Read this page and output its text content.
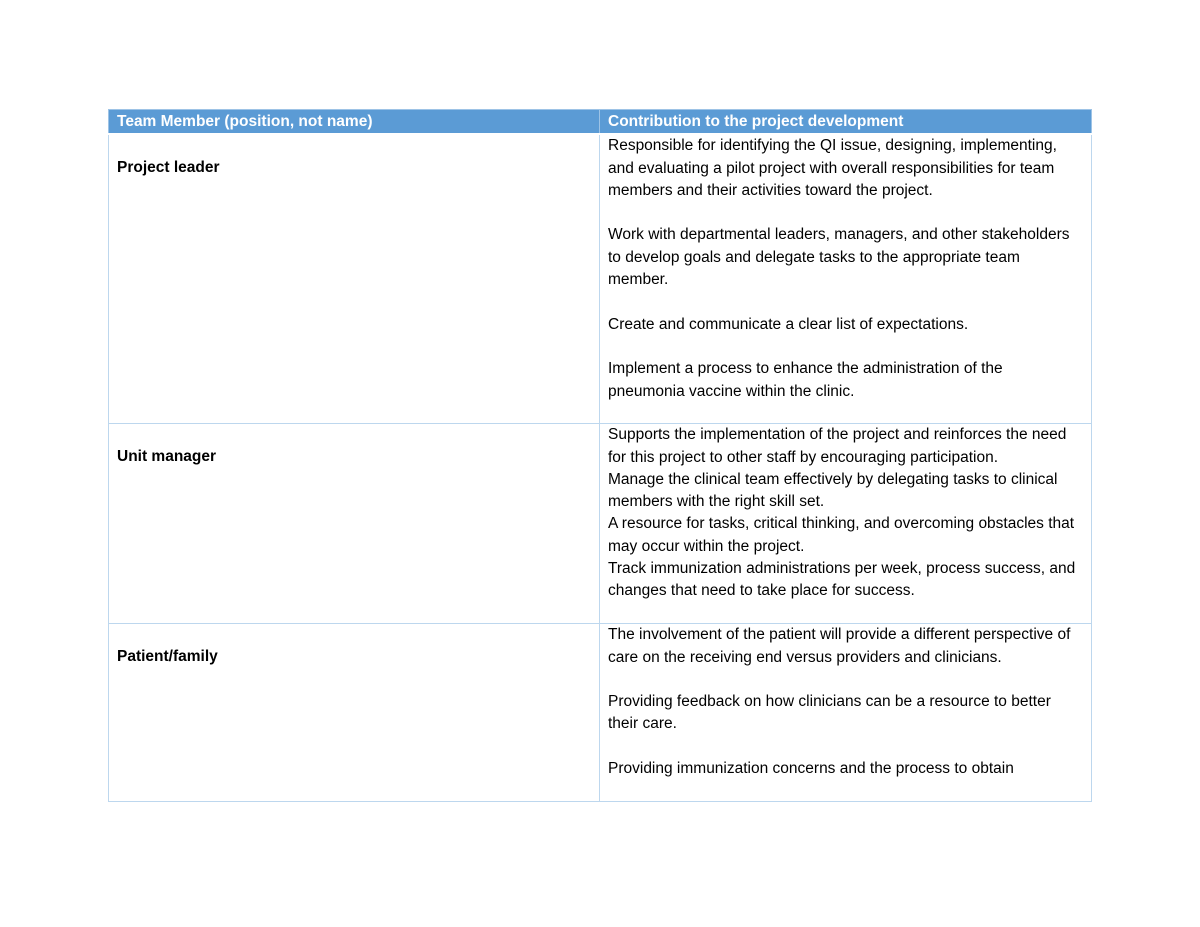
Team Member (position, not name)	Contribution to the project development

Project leader	Responsible for identifying the QI issue, designing, implementing, and evaluating a pilot project with overall responsibilities for team members and their activities toward the project.

Work with departmental leaders, managers, and other stakeholders to develop goals and delegate tasks to the appropriate team member.

Create and communicate a clear list of expectations.

Implement a process to enhance the administration of the pneumonia vaccine within the clinic.

Unit manager	Supports the implementation of the project and reinforces the need for this project to other staff by encouraging participation.

Manage the clinical team effectively by delegating tasks to clinical members with the right skill set.

A resource for tasks, critical thinking, and overcoming obstacles that may occur within the project.

Track immunization administrations per week, process success, and changes that need to take place for success.

Patient/family	The involvement of the patient will provide a different perspective of care on the receiving end versus providers and clinicians.

Providing feedback on how clinicians can be a resource to better their care.

Providing immunization concerns and the process to obtain
